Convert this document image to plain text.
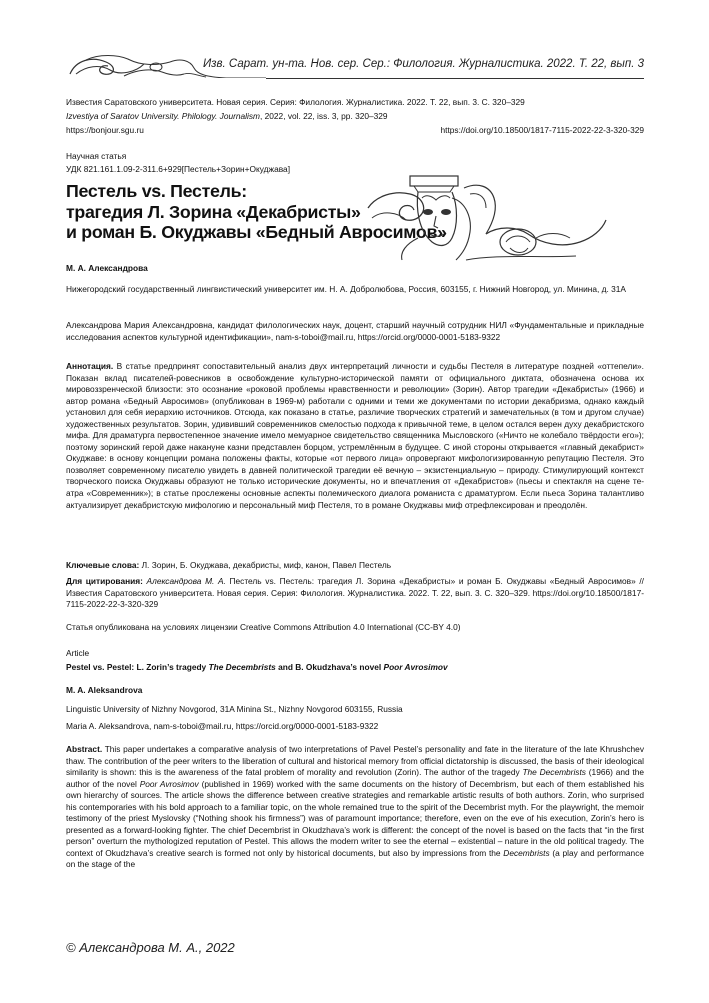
Изв. Сарат. ун-та. Нов. сер. Сер.: Филология. Журналистика. 2022. Т. 22, вып. 3
Известия Саратовского университета. Новая серия. Серия: Филология. Журналистика. 2022. Т. 22, вып. 3. С. 320–329
Izvestiya of Saratov University. Philology. Journalism, 2022, vol. 22, iss. 3, pp. 320–329
https://bonjour.sgu.ru	https://doi.org/10.18500/1817-7115-2022-22-3-320-329
Научная статья
УДК 821.161.1.09-2-311.6+929[Пестель+Зорин+Окуджава]
Пестель vs. Пестель:
трагедия Л. Зорина «Декабристы»
и роман Б. Окуджавы «Бедный Авросимов»
М. А. Александрова
Нижегородский государственный лингвистический университет им. Н. А. Добролюбова, Россия, 603155, г. Нижний Новгород, ул. Минина, д. 31А
Александрова Мария Александровна, кандидат филологических наук, доцент, старший научный сотрудник НИЛ «Фундаментальные и прикладные исследования аспектов культурной идентификации», nam-s-toboi@mail.ru, https://orcid.org/0000-0001-5183-9322
Аннотация. В статье предпринят сопоставительный анализ двух интерпретаций личности и судьбы Пестеля в литературе поздней «оттепели». Показан вклад писателей-ровесников в освобождение культурно-исторической памяти от официального диктата, обозначена основа их мировоззренческой близости: это осознание «роковой проблемы нравственности и революции» (Зорин). Автор трагедии «Декабристы» (1966) и автор романа «Бедный Авросимов» (опубликован в 1969-м) работали с одними и теми же документами по истории декабризма, однако каждый установил для себя иерархию источников. Отсюда, как показано в статье, различие творческих стратегий и замечательных (в том и другом случае) художественных результатов. Зорин, удививший современников смелостью подхода к привычной теме, в целом остался верен духу декабристского мифа. Для драматурга первостепенное значение имело мемуарное свидетельство священника Мысловского («Ничто не колебало твёрдости его»); поэтому зоринский герой даже накануне казни представлен борцом, устремлённым в будущее. С иной стороны открывается «главный декабрист» Окуджаве: в основу концепции романа положены факты, которые «от первого лица» опровергают мифологизированную репутацию Пестеля. Это позволяет современному писателю увидеть в давней политической трагедии её вечную – экзистенциальную – природу. Стимулирующий контекст творческого поиска Окуджавы образуют не только исторические документы, но и впечатления от «Декабристов» (пьесы и спектакля на сцене театра «Современник»); в статье прослежены основные аспекты полемического диалога романиста с драматургом. Если пьеса Зорина талантливо актуализирует декабристскую мифологию и персональный миф Пестеля, то в романе Окуджавы миф отрефлексирован и преодолён.
Ключевые слова: Л. Зорин, Б. Окуджава, декабристы, миф, канон, Павел Пестель
Для цитирования: Александрова М. А. Пестель vs. Пестель: трагедия Л. Зорина «Декабристы» и роман Б. Окуджавы «Бедный Авросимов» // Известия Саратовского университета. Новая серия. Серия: Филология. Журналистика. 2022. Т. 22, вып. 3. С. 320–329. https://doi.org/10.18500/1817-7115-2022-22-3-320-329
Статья опубликована на условиях лицензии Creative Commons Attribution 4.0 International (CC-BY 4.0)
Article
Pestel vs. Pestel: L. Zorin’s tragedy The Decembrists and B. Okudzhava’s novel Poor Avrosimov
M. A. Aleksandrova
Linguistic University of Nizhny Novgorod, 31A Minina St., Nizhny Novgorod 603155, Russia
Maria A. Aleksandrova, nam-s-toboi@mail.ru, https://orcid.org/0000-0001-5183-9322
Abstract. This paper undertakes a comparative analysis of two interpretations of Pavel Pestel’s personality and fate in the literature of the late Khrushchev thaw. The contribution of the peer writers to the liberation of cultural and historical memory from official dictatorship is discussed, the basis of their ideological similarity is shown: this is the awareness of the fatal problem of morality and revolution (Zorin). The author of the tragedy The Decembrists (1966) and the author of the novel Poor Avrosimov (published in 1969) worked with the same documents on the history of Decembrism, but each of them established his own hierarchy of sources. The article shows the difference between creative strategies and remarkable artistic results of both authors. Zorin, who surprised his contemporaries with his bold approach to a familiar topic, on the whole remained true to the spirit of the Decembrist myth. For the playwright, the memoir testimony of the priest Myslovsky (“Nothing shook his firmness”) was of paramount importance; therefore, even on the eve of his execution, Zorin’s hero is presented as a forward-looking fighter. The chief Decembrist in Okudzhava’s work is different: the concept of the novel is based on the facts that “in the first person” overturn the mythologized reputation of Pestel. This allows the modern writer to see the eternal – existential – nature in the old political tragedy. The context of Okudzhava’s creative search is formed not only by historical documents, but also by impressions from the Decembrists (a play and performance on the stage of the
© Александрова М. А., 2022
